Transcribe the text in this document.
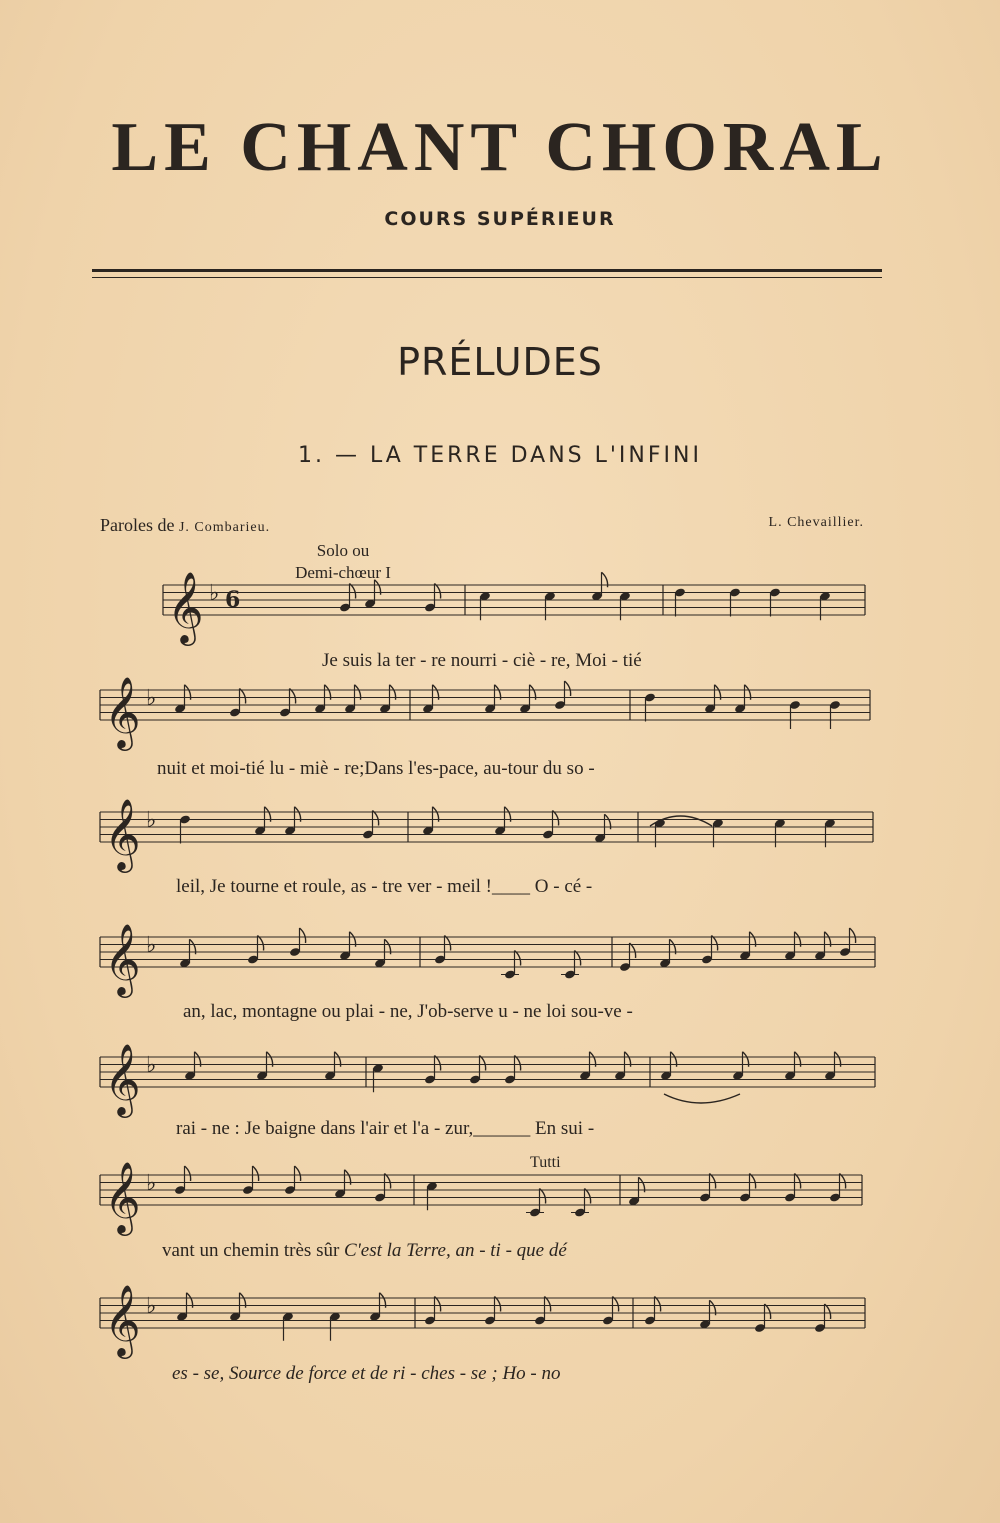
LE CHANT CHORAL
COURS SUPÉRIEUR
PRÉLUDES
1. — LA TERRE DANS L'INFINI
Paroles de J. Combarieu.	L. Chevaillier.
Solo ou
Demi-chœur I
Tutti
𝄞 ♭ 6
𝄞 ♭
𝄞 ♭
𝄞 ♭
𝄞 ♭
𝄞 ♭
𝄞 ♭
Je suis la ter - re nourri - ciè - re, Moi - tié
nuit et moi-tié lu - miè - re;Dans l'es-pace, au-tour du so -
leil, Je tourne et roule, as - tre ver - meil !____ O - cé -
an, lac, montagne ou plai - ne, J'ob-serve u - ne loi sou-ve -
rai - ne : Je baigne dans l'air et l'a - zur,______ En sui -
vant un chemin très sûr C'est la Terre, an - ti - que dé
es - se, Source de force et de ri - ches - se ; Ho - no
